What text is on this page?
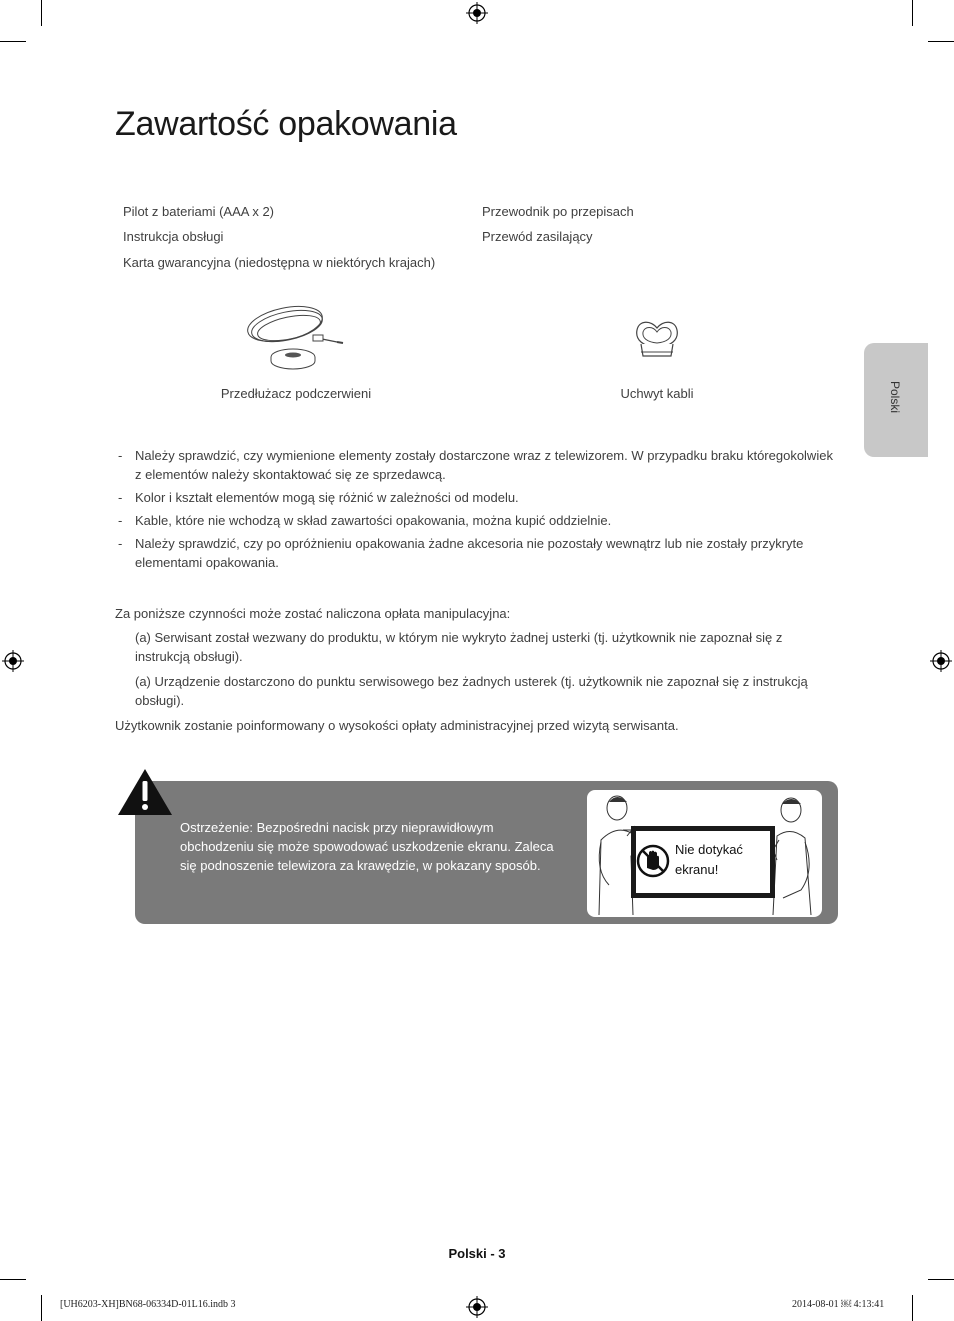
Zawartość opakowania
Pilot z bateriami (AAA x 2)
Instrukcja obsługi
Karta gwarancyjna (niedostępna w niektórych krajach)
Przewodnik po przepisach
Przewód zasilający
Przedłużacz podczerwieni	Uchwyt kabli	Polski
- Należy sprawdzić, czy wymienione elementy zostały dostarczone wraz z telewizorem. W przypadku braku któregokolwiek z elementów należy skontaktować się ze sprzedawcą.
- Kolor i kształt elementów mogą się różnić w zależności od modelu.
- Kable, które nie wchodzą w skład zawartości opakowania, można kupić oddzielnie.
- Należy sprawdzić, czy po opróżnieniu opakowania żadne akcesoria nie pozostały wewnątrz lub nie zostały przykryte elementami opakowania.
Za poniższe czynności może zostać naliczona opłata manipulacyjna:
(a) Serwisant został wezwany do produktu, w którym nie wykryto żadnej usterki (tj. użytkownik nie zapoznał się z instrukcją obsługi).
(a) Urządzenie dostarczono do punktu serwisowego bez żadnych usterek (tj. użytkownik nie zapoznał się z instrukcją obsługi).
Użytkownik zostanie poinformowany o wysokości opłaty administracyjnej przed wizytą serwisanta.
Ostrzeżenie: Bezpośredni nacisk przy nieprawidłowym obchodzeniu się może spowodować uszkodzenie ekranu. Zaleca się podnoszenie telewizora za krawędzie, w pokazany sposób.
Nie dotykać ekranu!
Polski - 3
[UH6203-XH]BN68-06334D-01L16.indb 3	2014-08-01 ￼ 4:13:41
